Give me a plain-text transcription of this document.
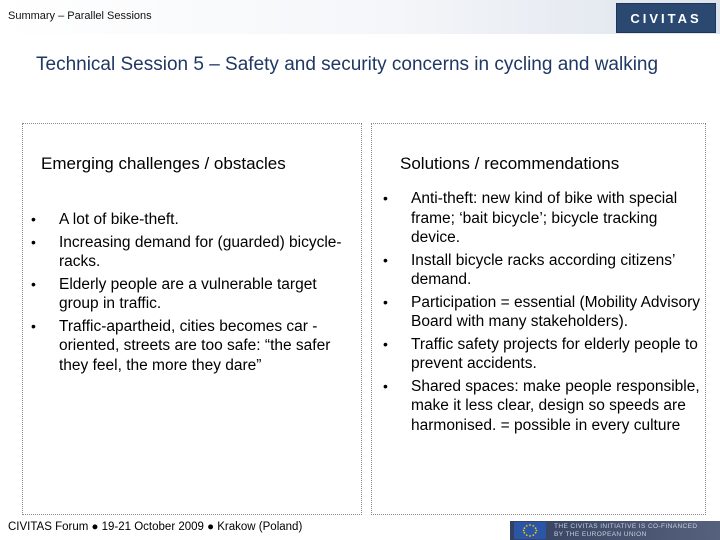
Summary – Parallel Sessions	CIVITAS
Technical Session 5 – Safety and security concerns in cycling and walking
Emerging challenges / obstacles
•	A lot of bike-theft.
•	Increasing demand for (guarded) bicycle-racks.
•	Elderly people are a vulnerable target group in traffic.
•	Traffic-apartheid, cities becomes car -oriented, streets are too safe: “the safer they feel, the more they dare”
Solutions / recommendations
•	Anti-theft: new kind of bike with special frame; ‘bait bicycle’; bicycle tracking device.
•	Install bicycle racks according citizens’ demand.
•	Participation = essential (Mobility Advisory Board with many stakeholders).
•	Traffic safety projects for elderly people to prevent accidents.
•	Shared spaces: make people responsible, make it less clear, design so speeds are harmonised. = possible in every culture
CIVITAS Forum ● 19-21 October 2009 ● Krakow (Poland)	THE CIVITAS INITIATIVE IS CO-FINANCED
BY THE EUROPEAN UNION
